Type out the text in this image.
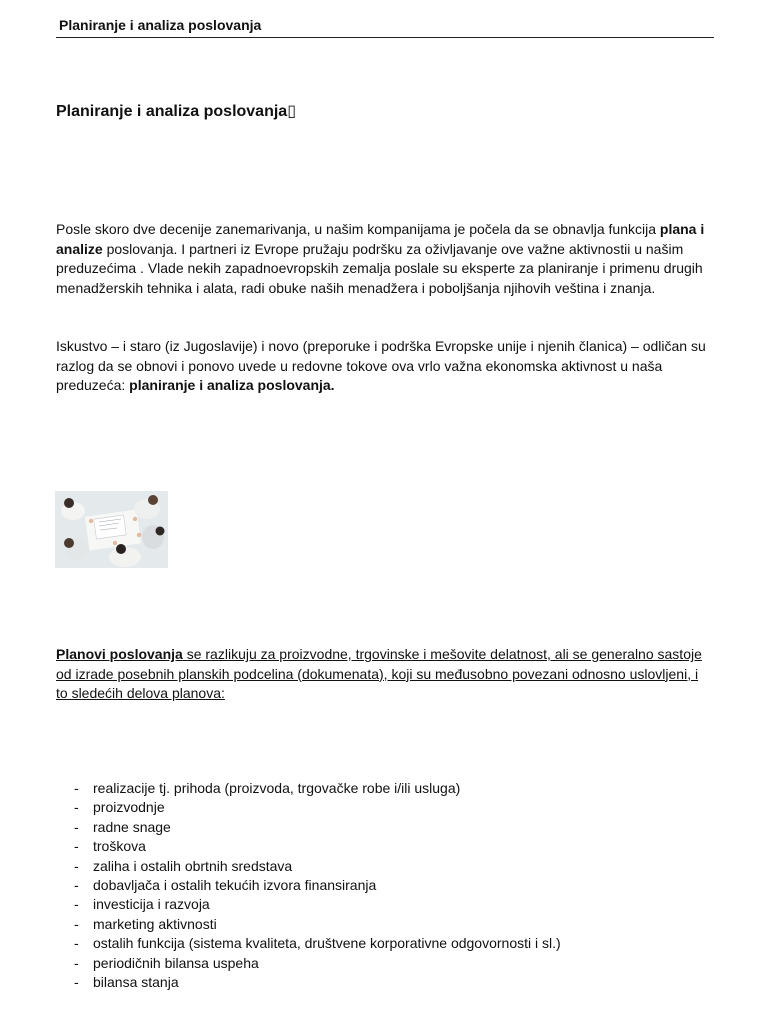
Planiranje i analiza poslovanja
Planiranje i analiza poslovanja▯

Posle skoro dve decenije zanemarivanja, u našim kompanijama je počela da se obnavlja funkcija plana i analize poslovanja. I partneri iz Evrope pružaju podršku za oživljavanje ove važne aktivnostii u našim preduzećima . Vlade nekih zapadnoevropskih zemalja poslale su eksperte za planiranje i primenu drugih menadžerskih tehnika i alata, radi obuke naših menadžera i poboljšanja njihovih veština i znanja.

Iskustvo – i staro (iz Jugoslavije) i novo (preporuke i podrška Evropske unije i njenih članica) – odličan su razlog da se obnovi i ponovo uvede u redovne tokove ova vrlo važna ekonomska aktivnost u naša preduzeća: planiranje i analiza poslovanja.

Planovi poslovanja se razlikuju za proizvodne, trgovinske i mešovite delatnost, ali se generalno sastoje od izrade posebnih planskih podcelina (dokumenata), koji su međusobno povezani odnosno uslovljeni, i to sledećih delova planova:

- realizacije tj. prihoda (proizvoda, trgovačke robe i/ili usluga)
- proizvodnje
- radne snage
- troškova
- zaliha i ostalih obrtnih sredstava
- dobavljača i ostalih tekućih izvora finansiranja
- investicija i razvoja
- marketing aktivnosti
- ostalih funkcija (sistema kvaliteta, društvene korporativne odgovornosti i sl.)
- periodičnih bilansa uspeha
- bilansa stanja
